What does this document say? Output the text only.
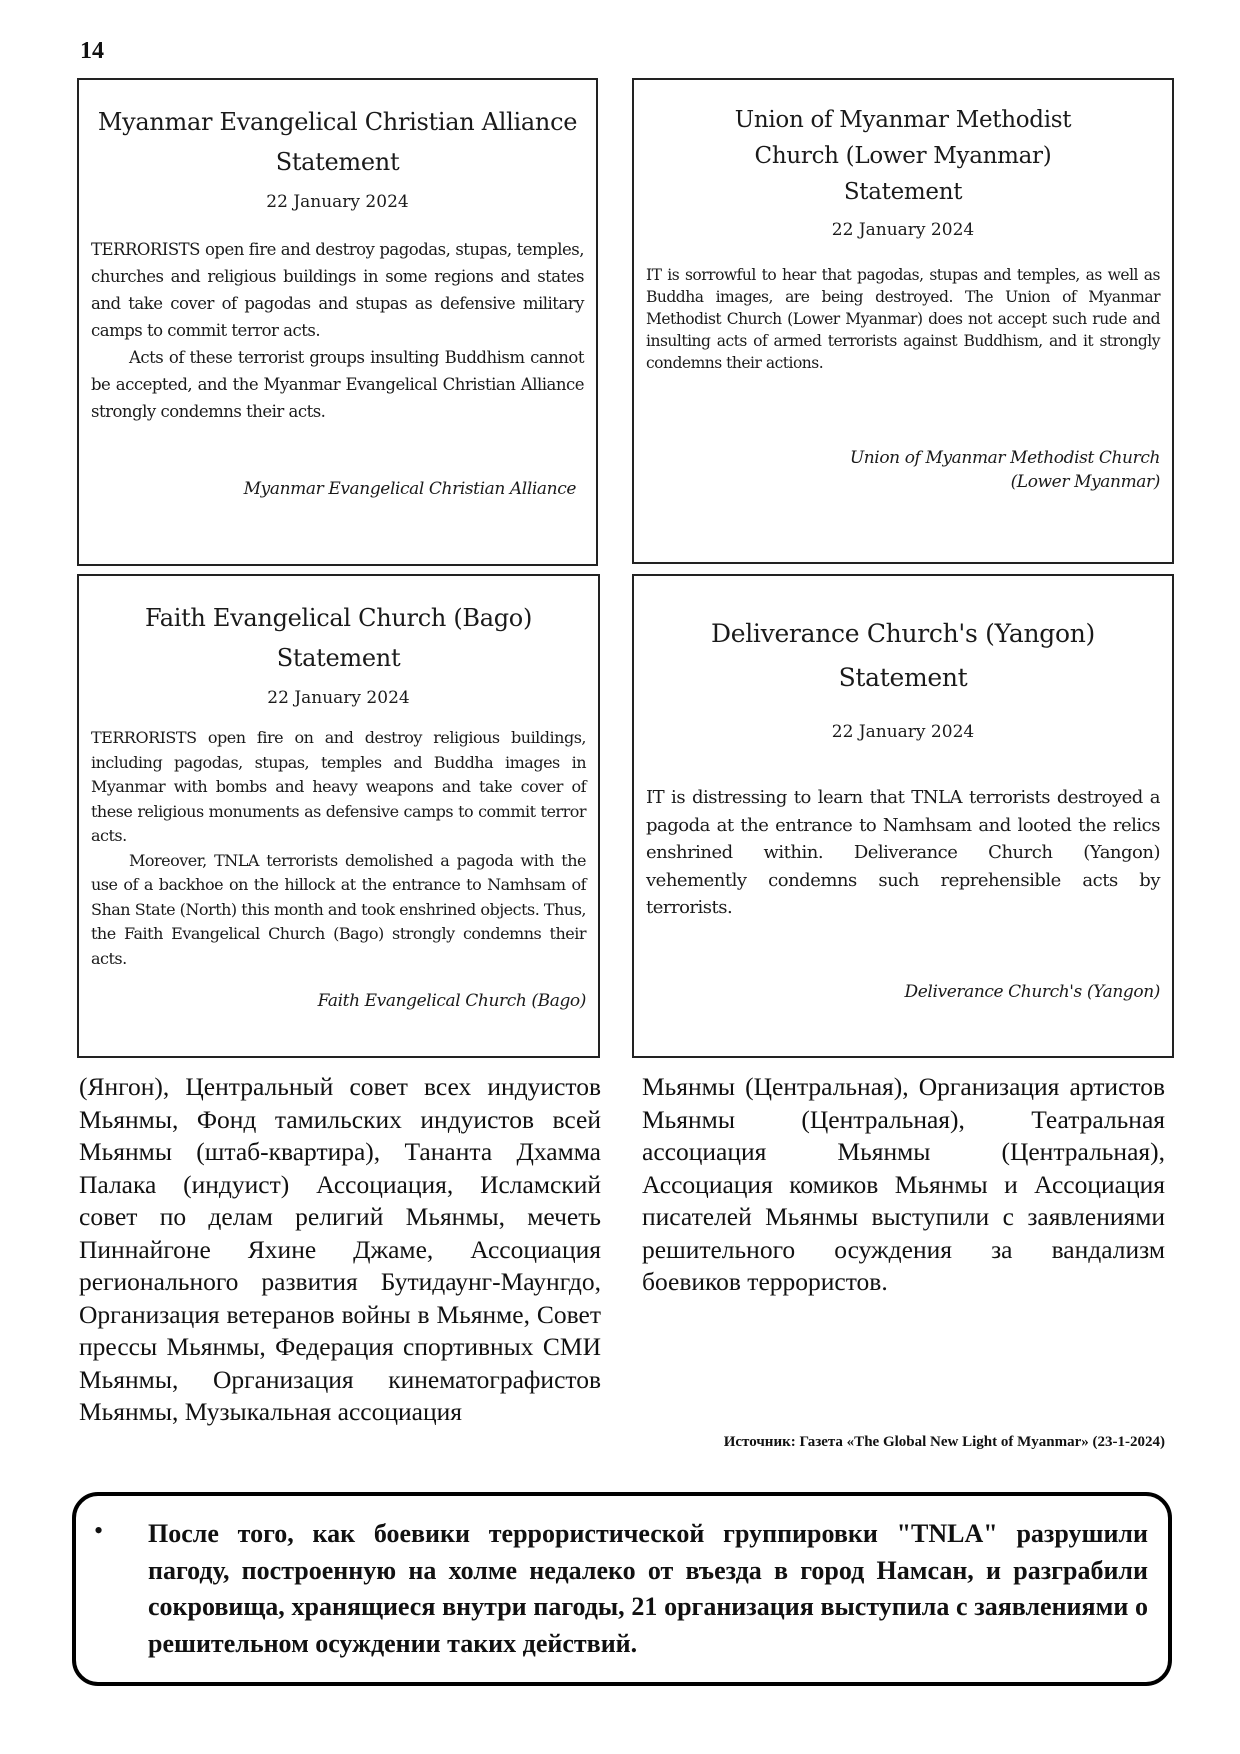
14
Myanmar Evangelical Christian Alliance
Statement
22 January 2024

TERRORISTS open fire and destroy pagodas, stupas, temples, churches and religious buildings in some regions and states and take cover of pagodas and stupas as defensive military camps to commit terror acts.

Acts of these terrorist groups insulting Buddhism cannot be accepted, and the Myanmar Evangelical Christian Alliance strongly condemns their acts.

Myanmar Evangelical Christian Alliance
Union of Myanmar Methodist
Church (Lower Myanmar)
Statement
22 January 2024

IT is sorrowful to hear that pagodas, stupas and temples, as well as Buddha images, are being destroyed. The Union of Myanmar Methodist Church (Lower Myanmar) does not accept such rude and insulting acts of armed terrorists against Buddhism, and it strongly condemns their actions.

Union of Myanmar Methodist Church
(Lower Myanmar)
Faith Evangelical Church (Bago)
Statement
22 January 2024

TERRORISTS open fire on and destroy religious buildings, including pagodas, stupas, temples and Buddha images in Myanmar with bombs and heavy weapons and take cover of these religious monuments as defensive camps to commit terror acts.

Moreover, TNLA terrorists demolished a pagoda with the use of a backhoe on the hillock at the entrance to Namhsam of Shan State (North) this month and took enshrined objects. Thus, the Faith Evangelical Church (Bago) strongly condemns their acts.

Faith Evangelical Church (Bago)
Deliverance Church's (Yangon)
Statement
22 January 2024

IT is distressing to learn that TNLA terrorists destroyed a pagoda at the entrance to Namhsam and looted the relics enshrined within. Deliverance Church (Yangon) vehemently condemns such reprehensible acts by terrorists.

Deliverance Church's (Yangon)
(Янгон), Центральный совет всех индуистов Мьянмы, Фонд тамильских индуистов всей Мьянмы (штаб-квартира), Тананта Дхамма Палака (индуист) Ассоциация, Исламский совет по делам религий Мьянмы, мечеть Пиннайгоне Яхине Джаме, Ассоциация регионального развития Бутидаунг-Маунгдо, Организация ветеранов войны в Мьянме, Совет прессы Мьянмы, Федерация спортивных СМИ Мьянмы, Организация кинематографистов Мьянмы, Музыкальная ассоциация
Мьянмы (Центральная), Организация артистов Мьянмы (Центральная), Театральная ассоциация Мьянмы (Центральная), Ассоциация комиков Мьянмы и Ассоциация писателей Мьянмы выступили с заявлениями решительного осуждения за вандализм боевиков террористов.
Источник: Газета «The Global New Light of Myanmar» (23-1-2024)
• После того, как боевики террористической группировки "TNLA" разрушили пагоду, построенную на холме недалеко от въезда в город Намсан, и разграбили сокровища, хранящиеся внутри пагоды, 21 организация выступила с заявлениями о решительном осуждении таких действий.
